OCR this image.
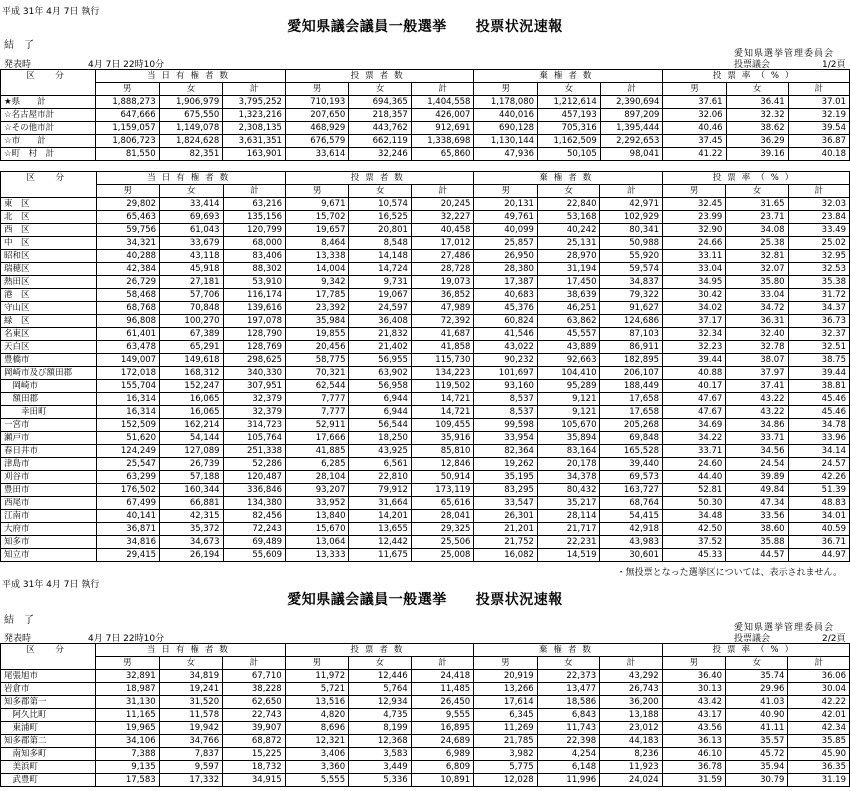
平成 31年 4月 7日 執行
愛知県議会議員一般選挙　　投票状況速報
結　了
愛知県選挙管理委員会
発表時	4月 7日 22時10分	投票議会	1/2頁
区　分	当日有権者数			投票者数			棄権者数			投票率（%）		
	男	女	計	男	女	計	男	女	計	男	女	計
★県　　計	1,888,273	1,906,979	3,795,252	710,193	694,365	1,404,558	1,178,080	1,212,614	2,390,694	37.61	36.41	37.01
☆名古屋市計	647,666	675,550	1,323,216	207,650	218,357	426,007	440,016	457,193	897,209	32.06	32.32	32.19
☆その他市計	1,159,057	1,149,078	2,308,135	468,929	443,762	912,691	690,128	705,316	1,395,444	40.46	38.62	39.54
☆市　　計	1,806,723	1,824,628	3,631,351	676,579	662,119	1,338,698	1,130,144	1,162,509	2,292,653	37.45	36.29	36.87
☆町　村　計	81,550	82,351	163,901	33,614	32,246	65,860	47,936	50,105	98,041	41.22	39.16	40.18
区　分	当日有権者数			投票者数			棄権者数			投票率（%）		
	男	女	計	男	女	計	男	女	計	男	女	計
東　区	29,802	33,414	63,216	9,671	10,574	20,245	20,131	22,840	42,971	32.45	31.65	32.03
北　区	65,463	69,693	135,156	15,702	16,525	32,227	49,761	53,168	102,929	23.99	23.71	23.84
西　区	59,756	61,043	120,799	19,657	20,801	40,458	40,099	40,242	80,341	32.90	34.08	33.49
中　区	34,321	33,679	68,000	8,464	8,548	17,012	25,857	25,131	50,988	24.66	25.38	25.02
昭和区	40,288	43,118	83,406	13,338	14,148	27,486	26,950	28,970	55,920	33.11	32.81	32.95
瑞穂区	42,384	45,918	88,302	14,004	14,724	28,728	28,380	31,194	59,574	33.04	32.07	32.53
熱田区	26,729	27,181	53,910	9,342	9,731	19,073	17,387	17,450	34,837	34.95	35.80	35.38
港　区	58,468	57,706	116,174	17,785	19,067	36,852	40,683	38,639	79,322	30.42	33.04	31.72
守山区	68,768	70,848	139,616	23,392	24,597	47,989	45,376	46,251	91,627	34.02	34.72	34.37
緑　区	96,808	100,270	197,078	35,984	36,408	72,392	60,824	63,862	124,686	37.17	36.31	36.73
名東区	61,401	67,389	128,790	19,855	21,832	41,687	41,546	45,557	87,103	32.34	32.40	32.37
天白区	63,478	65,291	128,769	20,456	21,402	41,858	43,022	43,889	86,911	32.23	32.78	32.51
豊橋市	149,007	149,618	298,625	58,775	56,955	115,730	90,232	92,663	182,895	39.44	38.07	38.75
岡崎市及び額田郡	172,018	168,312	340,330	70,321	63,902	134,223	101,697	104,410	206,107	40.88	37.97	39.44
　岡崎市	155,704	152,247	307,951	62,544	56,958	119,502	93,160	95,289	188,449	40.17	37.41	38.81
　額田郡	16,314	16,065	32,379	7,777	6,944	14,721	8,537	9,121	17,658	47.67	43.22	45.46
　　幸田町	16,314	16,065	32,379	7,777	6,944	14,721	8,537	9,121	17,658	47.67	43.22	45.46
一宮市	152,509	162,214	314,723	52,911	56,544	109,455	99,598	105,670	205,268	34.69	34.86	34.78
瀬戸市	51,620	54,144	105,764	17,666	18,250	35,916	33,954	35,894	69,848	34.22	33.71	33.96
春日井市	124,249	127,089	251,338	41,885	43,925	85,810	82,364	83,164	165,528	33.71	34.56	34.14
津島市	25,547	26,739	52,286	6,285	6,561	12,846	19,262	20,178	39,440	24.60	24.54	24.57
刈谷市	63,299	57,188	120,487	28,104	22,810	50,914	35,195	34,378	69,573	44.40	39.89	42.26
豊田市	176,502	160,344	336,846	93,207	79,912	173,119	83,295	80,432	163,727	52.81	49.84	51.39
西尾市	67,499	66,881	134,380	33,952	31,664	65,616	33,547	35,217	68,764	50.30	47.34	48.83
江南市	40,141	42,315	82,456	13,840	14,201	28,041	26,301	28,114	54,415	34.48	33.56	34.01
大府市	36,871	35,372	72,243	15,670	13,655	29,325	21,201	21,717	42,918	42.50	38.60	40.59
知多市	34,816	34,673	69,489	13,064	12,442	25,506	21,752	22,231	43,983	37.52	35.88	36.71
知立市	29,415	26,194	55,609	13,333	11,675	25,008	16,082	14,519	30,601	45.33	44.57	44.97
・無投票となった選挙区については、表示されません。
平成 31年 4月 7日 執行
愛知県議会議員一般選挙　　投票状況速報
結　了
愛知県選挙管理委員会
発表時	4月 7日 22時10分	投票議会	2/2頁
区　分	当日有権者数			投票者数			棄権者数			投票率（%）		
	男	女	計	男	女	計	男	女	計	男	女	計
尾張旭市	32,891	34,819	67,710	11,972	12,446	24,418	20,919	22,373	43,292	36.40	35.74	36.06
岩倉市	18,987	19,241	38,228	5,721	5,764	11,485	13,266	13,477	26,743	30.13	29.96	30.04
知多郡第一	31,130	31,520	62,650	13,516	12,934	26,450	17,614	18,586	36,200	43.42	41.03	42.22
　阿久比町	11,165	11,578	22,743	4,820	4,735	9,555	6,345	6,843	13,188	43.17	40.90	42.01
　東浦町	19,965	19,942	39,907	8,696	8,199	16,895	11,269	11,743	23,012	43.56	41.11	42.34
知多郡第二	34,106	34,766	68,872	12,321	12,368	24,689	21,785	22,398	44,183	36.13	35.57	35.85
　南知多町	7,388	7,837	15,225	3,406	3,583	6,989	3,982	4,254	8,236	46.10	45.72	45.90
　美浜町	9,135	9,597	18,732	3,360	3,449	6,809	5,775	6,148	11,923	36.78	35.94	36.35
　武豊町	17,583	17,332	34,915	5,555	5,336	10,891	12,028	11,996	24,024	31.59	30.79	31.19
